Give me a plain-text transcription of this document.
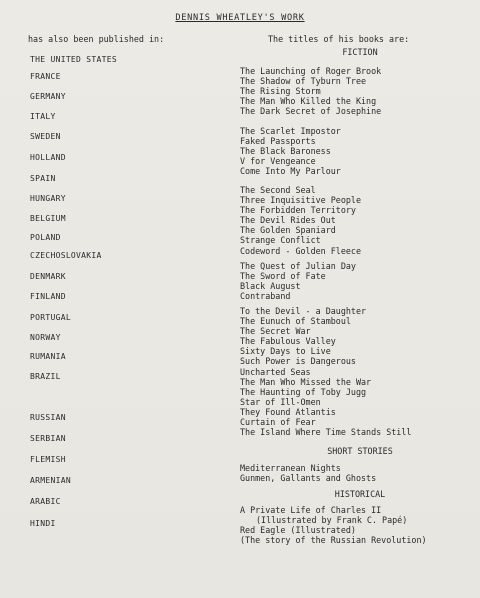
DENNIS WHEATLEY'S WORK
has also been published in:	The titles of his books are:
FICTION
THE UNITED STATES
FRANCE
GERMANY
ITALY
SWEDEN
HOLLAND
SPAIN
HUNGARY
BELGIUM
POLAND
CZECHOSLOVAKIA
DENMARK
FINLAND
PORTUGAL
NORWAY
RUMANIA
BRAZIL
RUSSIAN
SERBIAN
FLEMISH
ARMENIAN
ARABIC
HINDI
The Launching of Roger Brook
The Shadow of Tyburn Tree
The Rising Storm
The Man Who Killed the King
The Dark Secret of Josephine
The Scarlet Impostor
Faked Passports
The Black Baroness
V for Vengeance
Come Into My Parlour
The Second Seal
Three Inquisitive People
The Forbidden Territory
The Devil Rides Out
The Golden Spaniard
Strange Conflict
Codeword - Golden Fleece
The Quest of Julian Day
The Sword of Fate
Black August
Contraband
To the Devil - a Daughter
The Eunuch of Stamboul
The Secret War
The Fabulous Valley
Sixty Days to Live
Such Power is Dangerous
Uncharted Seas
The Man Who Missed the War
The Haunting of Toby Jugg
Star of Ill-Omen
They Found Atlantis
Curtain of Fear
The Island Where Time Stands Still
SHORT STORIES
Mediterranean Nights
Gunmen, Gallants and Ghosts
HISTORICAL
A Private Life of Charles II
(Illustrated by Frank C. Papé)
Red Eagle (Illustrated)
(The story of the Russian Revolution)
